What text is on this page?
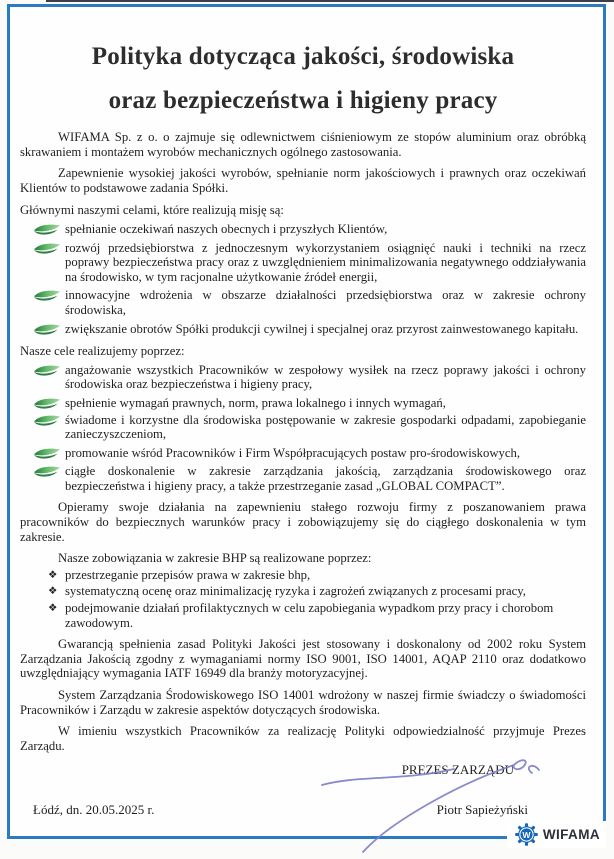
Polityka dotycząca jakości, środowiska
oraz bezpieczeństwa i higieny pracy

WIFAMA Sp. z o. o zajmuje się odlewnictwem ciśnieniowym ze stopów aluminium oraz obróbką skrawaniem i montażem wyrobów mechanicznych ogólnego zastosowania.

Zapewnienie wysokiej jakości wyrobów, spełnianie norm jakościowych i prawnych oraz oczekiwań Klientów to podstawowe zadania Spółki.

Głównymi naszymi celami, które realizują misję są:

spełnianie oczekiwań naszych obecnych i przyszłych Klientów,
rozwój przedsiębiorstwa z jednoczesnym wykorzystaniem osiągnięć nauki i techniki na rzecz poprawy bezpieczeństwa pracy oraz z uwzględnieniem minimalizowania negatywnego oddziaływania na środowisko, w tym racjonalne użytkowanie źródeł energii,
innowacyjne wdrożenia w obszarze działalności przedsiębiorstwa oraz w zakresie ochrony środowiska,
zwiększanie obrotów Spółki produkcji cywilnej i specjalnej oraz przyrost zainwestowanego kapitału.

Nasze cele realizujemy poprzez:

angażowanie wszystkich Pracowników w zespołowy wysiłek na rzecz poprawy jakości i ochrony środowiska oraz bezpieczeństwa i higieny pracy,
spełnienie wymagań prawnych, norm, prawa lokalnego i innych wymagań,
świadome i korzystne dla środowiska postępowanie w zakresie gospodarki odpadami, zapobieganie zanieczyszczeniom,
promowanie wśród Pracowników i Firm Współpracujących postaw pro-środowiskowych,
ciągłe doskonalenie w zakresie zarządzania jakością, zarządzania środowiskowego oraz bezpieczeństwa i higieny pracy, a także przestrzeganie zasad „GLOBAL COMPACT”.

Opieramy swoje działania na zapewnieniu stałego rozwoju firmy z poszanowaniem prawa pracowników do bezpiecznych warunków pracy i zobowiązujemy się do ciągłego doskonalenia w tym zakresie.

Nasze zobowiązania w zakresie BHP są realizowane poprzez:

❖ przestrzeganie przepisów prawa w zakresie bhp,
❖ systematyczną ocenę oraz minimalizację ryzyka i zagrożeń związanych z procesami pracy,
❖ podejmowanie działań profilaktycznych w celu zapobiegania wypadkom przy pracy i chorobom zawodowym.

Gwarancją spełnienia zasad Polityki Jakości jest stosowany i doskonalony od 2002 roku System Zarządzania Jakością zgodny z wymaganiami normy ISO 9001, ISO 14001, AQAP 2110 oraz dodatkowo uwzględniający wymagania IATF 16949 dla branży motoryzacyjnej.

System Zarządzania Środowiskowego ISO 14001 wdrożony w naszej firmie świadczy o świadomości Pracowników i Zarządu w zakresie aspektów dotyczących środowiska.

W imieniu wszystkich Pracowników za realizację Polityki odpowiedzialność przyjmuje Prezes Zarządu.

PREZES ZARZĄDU
Łódź, dn. 20.05.2025 r.	Piotr Sapieżyński
W WIFAMA
